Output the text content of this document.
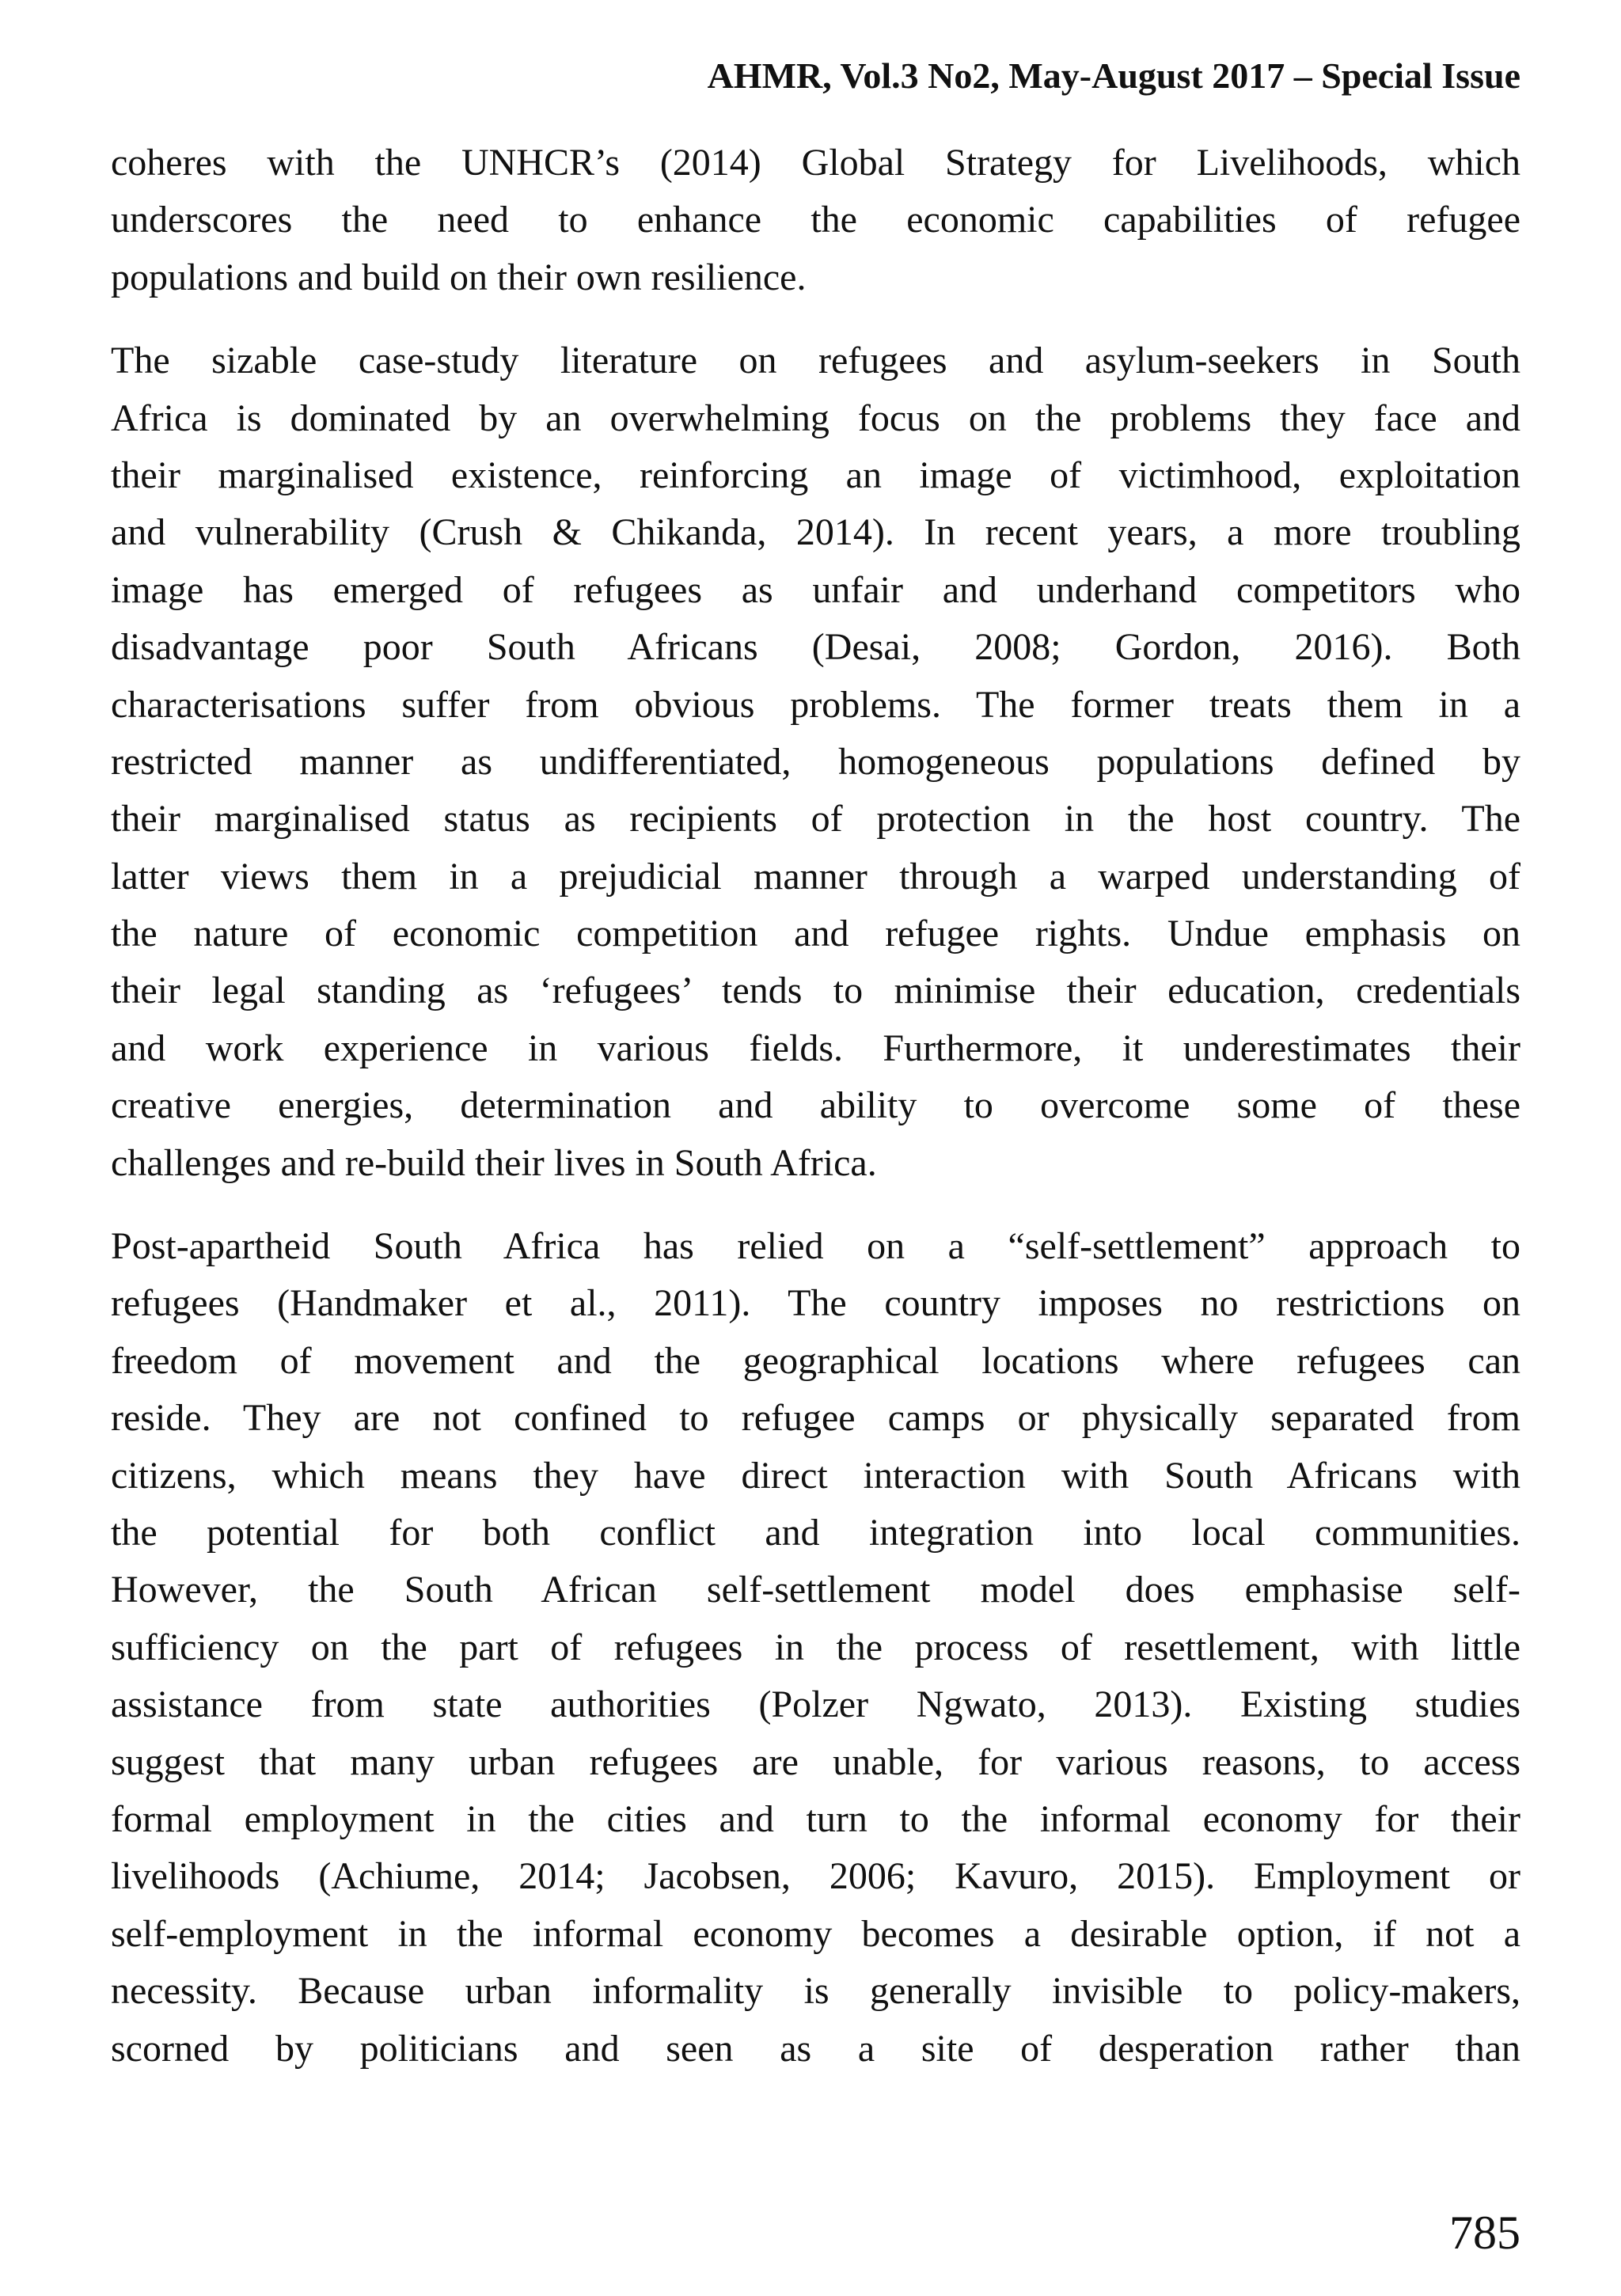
AHMR, Vol.3 No2, May-August 2017 – Special Issue
coheres with the UNHCR’s (2014) Global Strategy for Livelihoods, which
underscores the need to enhance the economic capabilities of refugee
populations and build on their own resilience.
The sizable case-study literature on refugees and asylum-seekers in South
Africa is dominated by an overwhelming focus on the problems they face and
their marginalised existence, reinforcing an image of victimhood, exploitation
and vulnerability (Crush & Chikanda, 2014). In recent years, a more troubling
image has emerged of refugees as unfair and underhand competitors who
disadvantage poor South Africans (Desai, 2008; Gordon, 2016). Both
characterisations suffer from obvious problems. The former treats them in a
restricted manner as undifferentiated, homogeneous populations defined by
their marginalised status as recipients of protection in the host country. The
latter views them in a prejudicial manner through a warped understanding of
the nature of economic competition and refugee rights. Undue emphasis on
their legal standing as ‘refugees’ tends to minimise their education, credentials
and work experience in various fields. Furthermore, it underestimates their
creative energies, determination and ability to overcome some of these
challenges and re-build their lives in South Africa.
Post-apartheid South Africa has relied on a “self-settlement” approach to
refugees (Handmaker et al., 2011). The country imposes no restrictions on
freedom of movement and the geographical locations where refugees can
reside. They are not confined to refugee camps or physically separated from
citizens, which means they have direct interaction with South Africans with
the potential for both conflict and integration into local communities.
However, the South African self-settlement model does emphasise self-
sufficiency on the part of refugees in the process of resettlement, with little
assistance from state authorities (Polzer Ngwato, 2013). Existing studies
suggest that many urban refugees are unable, for various reasons, to access
formal employment in the cities and turn to the informal economy for their
livelihoods (Achiume, 2014; Jacobsen, 2006; Kavuro, 2015). Employment or
self-employment in the informal economy becomes a desirable option, if not a
necessity. Because urban informality is generally invisible to policy-makers,
scorned by politicians and seen as a site of desperation rather than
785
